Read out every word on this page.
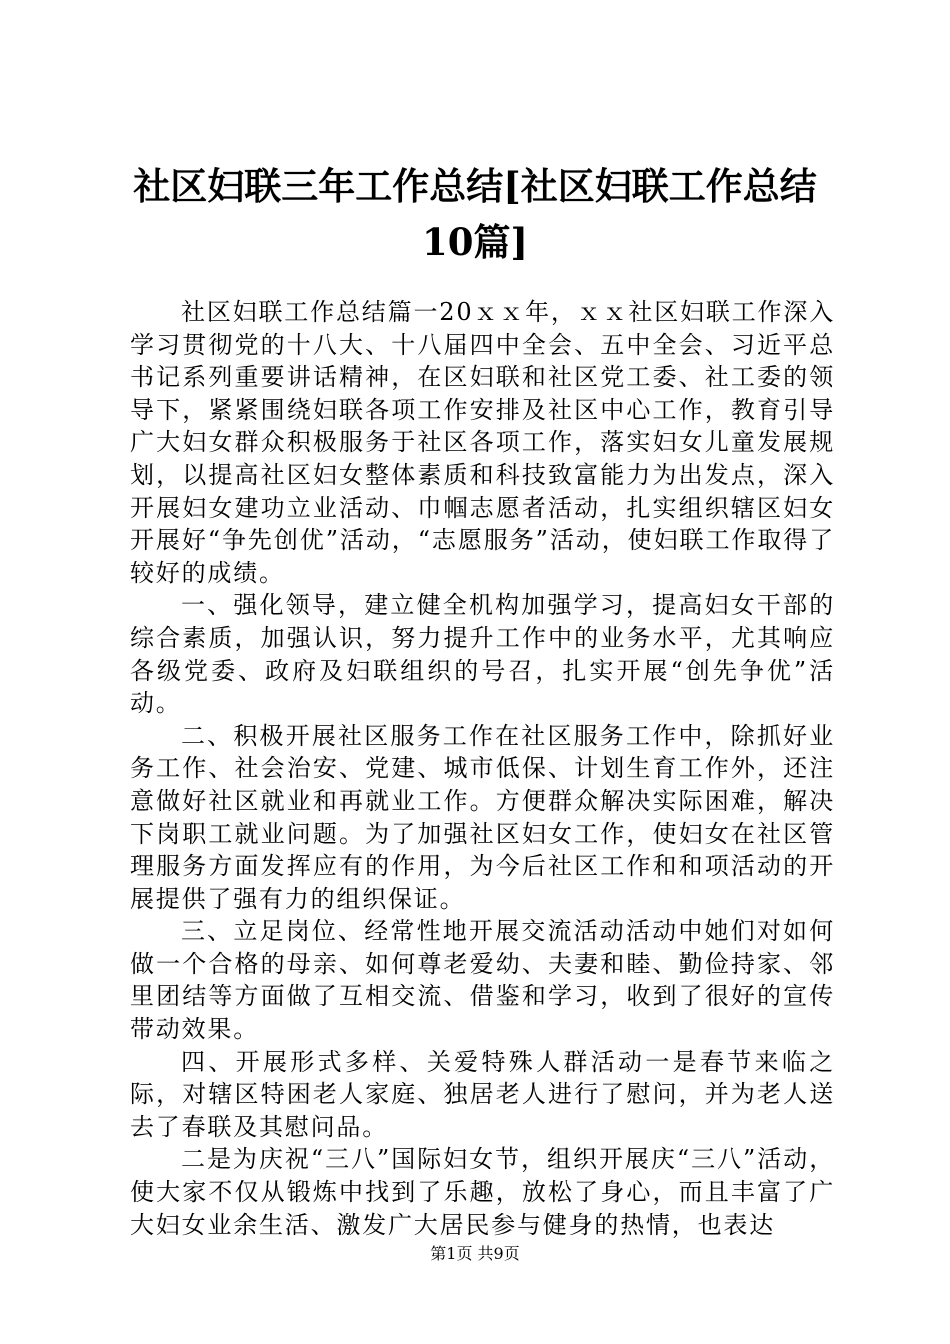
社区妇联三年工作总结[社区妇联工作总结10篇]

社区妇联工作总结篇一20ｘｘ年，ｘｘ社区妇联工作深入学习贯彻党的十八大、十八届四中全会、五中全会、习近平总书记系列重要讲话精神，在区妇联和社区党工委、社工委的领导下，紧紧围绕妇联各项工作安排及社区中心工作，教育引导广大妇女群众积极服务于社区各项工作，落实妇女儿童发展规划，以提高社区妇女整体素质和科技致富能力为出发点，深入开展妇女建功立业活动、巾帼志愿者活动，扎实组织辖区妇女开展好“争先创优”活动，“志愿服务”活动，使妇联工作取得了较好的成绩。

一、强化领导，建立健全机构加强学习，提高妇女干部的综合素质，加强认识，努力提升工作中的业务水平，尤其响应各级党委、政府及妇联组织的号召，扎实开展“创先争优”活动。

二、积极开展社区服务工作在社区服务工作中，除抓好业务工作、社会治安、党建、城市低保、计划生育工作外，还注意做好社区就业和再就业工作。方便群众解决实际困难，解决下岗职工就业问题。为了加强社区妇女工作，使妇女在社区管理服务方面发挥应有的作用，为今后社区工作和和项活动的开展提供了强有力的组织保证。

三、立足岗位、经常性地开展交流活动活动中她们对如何做一个合格的母亲、如何尊老爱幼、夫妻和睦、勤俭持家、邻里团结等方面做了互相交流、借鉴和学习，收到了很好的宣传带动效果。

四、开展形式多样、关爱特殊人群活动一是春节来临之际，对辖区特困老人家庭、独居老人进行了慰问，并为老人送去了春联及其慰问品。

二是为庆祝“三八”国际妇女节，组织开展庆“三八”活动，使大家不仅从锻炼中找到了乐趣，放松了身心，而且丰富了广大妇女业余生活、激发广大居民参与健身的热情，也表达

第1页 共9页
